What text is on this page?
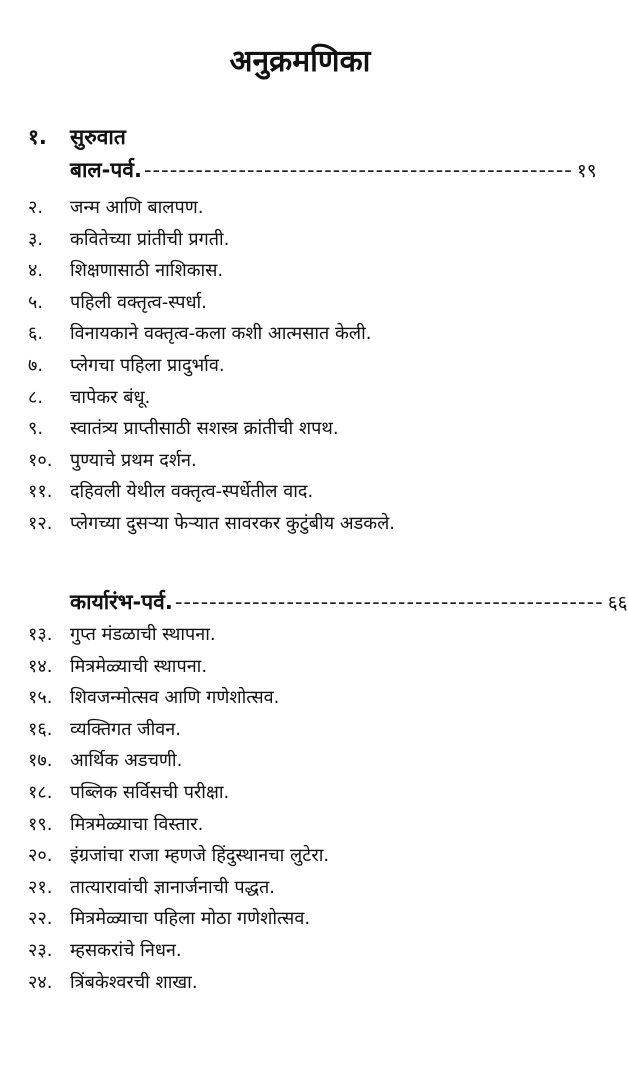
अनुक्रमणिका
१. सुरुवात
बाल-पर्व. -------------------------------------------------- १९
२.	जन्म आणि बालपण.
३.	कवितेच्या प्रांतीची प्रगती.
४.	शिक्षणासाठी नाशिकास.
५.	पहिली वक्तृत्व-स्पर्धा.
६.	विनायकाने वक्तृत्व-कला कशी आत्मसात केली.
७.	प्लेगचा पहिला प्रादुर्भाव.
८.	चापेकर बंधू.
९.	स्वातंत्र्य प्राप्तीसाठी सशस्त्र क्रांतीची शपथ.
१०. पुण्याचे प्रथम दर्शन.
११. दहिवली येथील वक्तृत्व-स्पर्धेतील वाद.
१२. प्लेगच्या दुसऱ्या फेऱ्यात सावरकर कुटुंबीय अडकले.
कार्यारंभ-पर्व. -------------------------------------------------- ६६
१३. गुप्त मंडळाची स्थापना.
१४. मित्रमेळ्याची स्थापना.
१५. शिवजन्मोत्सव आणि गणेशोत्सव.
१६. व्यक्तिगत जीवन.
१७. आर्थिक अडचणी.
१८. पब्लिक सर्विसची परीक्षा.
१९. मित्रमेळ्याचा विस्तार.
२०. इंग्रजांचा राजा म्हणजे हिंदुस्थानचा लुटेरा.
२१. तात्यारावांची ज्ञानार्जनाची पद्धत.
२२. मित्रमेळ्याचा पहिला मोठा गणेशोत्सव.
२३. म्हसकरांचे निधन.
२४. त्रिंबकेश्वरची शाखा.
